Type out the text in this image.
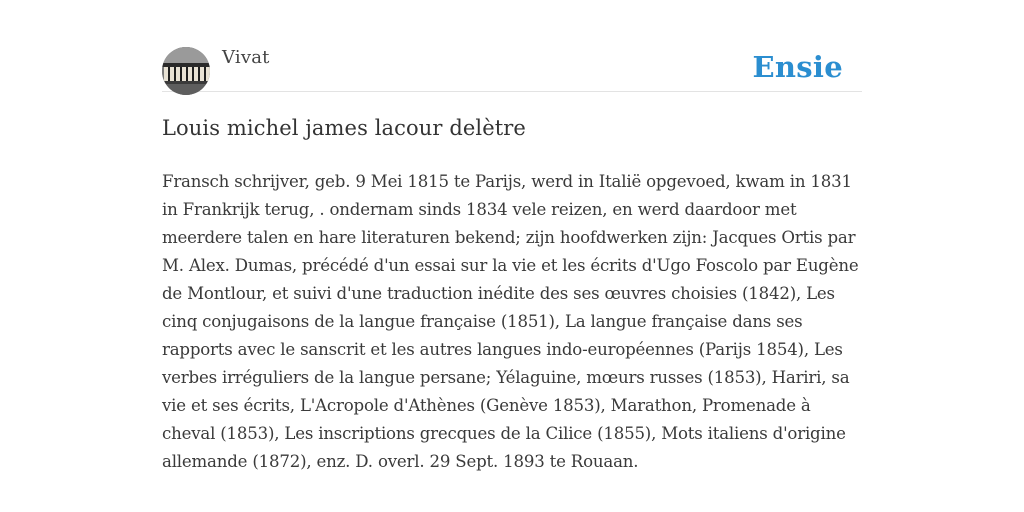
Vivat	Ensie
Louis michel james lacour delètre

Fransch schrijver, geb. 9 Mei 1815 te Parijs, werd in Italië opgevoed, kwam in 1831 in Frankrijk terug, . ondernam sinds 1834 vele reizen, en werd daardoor met meerdere talen en hare literaturen bekend; zijn hoofdwerken zijn: Jacques Ortis par M. Alex. Dumas, précédé d'un essai sur la vie et les écrits d'Ugo Foscolo par Eugène de Montlour, et suivi d'une traduction inédite des ses œuvres choisies (1842), Les cinq conjugaisons de la langue française (1851), La langue française dans ses rapports avec le sanscrit et les autres langues indo-européennes (Parijs 1854), Les verbes irréguliers de la langue persane; Yélaguine, mœurs russes (1853), Hariri, sa vie et ses écrits, L'Acropole d'Athènes (Genève 1853), Marathon, Promenade à cheval (1853), Les inscriptions grecques de la Cilice (1855), Mots italiens d'origine allemande (1872), enz. D. overl. 29 Sept. 1893 te Rouaan.
